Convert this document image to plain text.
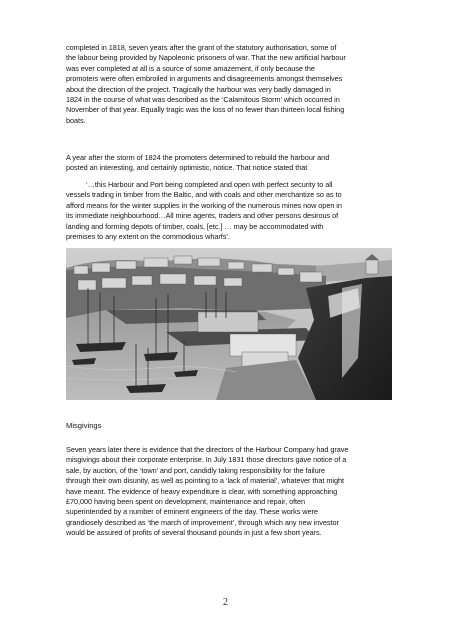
completed in 1818, seven years after the grant of the statutory authorisation, some of
the labour being provided by Napoleonic prisoners of war. That the new artificial harbour
was ever completed at all is a source of some amazement, if only because the
promoters were often embroiled in arguments and disagreements amongst themselves
about the direction of the project. Tragically the harbour was very badly damaged in
1824 in the course of what was described as the ‘Calamitous Storm’ which occurred in
November of that year. Equally tragic was the loss of no fewer than thirteen local fishing
boats.

A year after the storm of 1824 the promoters determined to rebuild the harbour and
posted an interesting, and certainly optimistic, notice. That notice stated that

‘…this Harbour and Port being completed and open with perfect security to all
vessels trading in timber from the Baltic, and with coals and other merchantize so as to
afford means for the winter supplies in the working of the numerous mines now open in
its immediate neighbourhood…All mine agents, traders and other persons desirous of
landing and forming depots of timber, coals, [etc.] … may be accommodated with
premises to any extent on the commodious wharfs’.
Misgivings

Seven years later there is evidence that the directors of the Harbour Company had grave
misgivings about their corporate enterprise. In July 1831 those directors gave notice of a
sale, by auction, of the ‘town’ and port, candidly taking responsibility for the failure
through their own disunity, as well as pointing to a ‘lack of material’, whatever that might
have meant. The evidence of heavy expenditure is clear, with something approaching
£70,000 having been spent on development, maintenance and repair, often
superintended by a number of eminent engineers of the day. These works were
grandiosely described as ‘the march of improvement’, through which any new investor
would be assured of profits of several thousand pounds in just a few short years.

2
